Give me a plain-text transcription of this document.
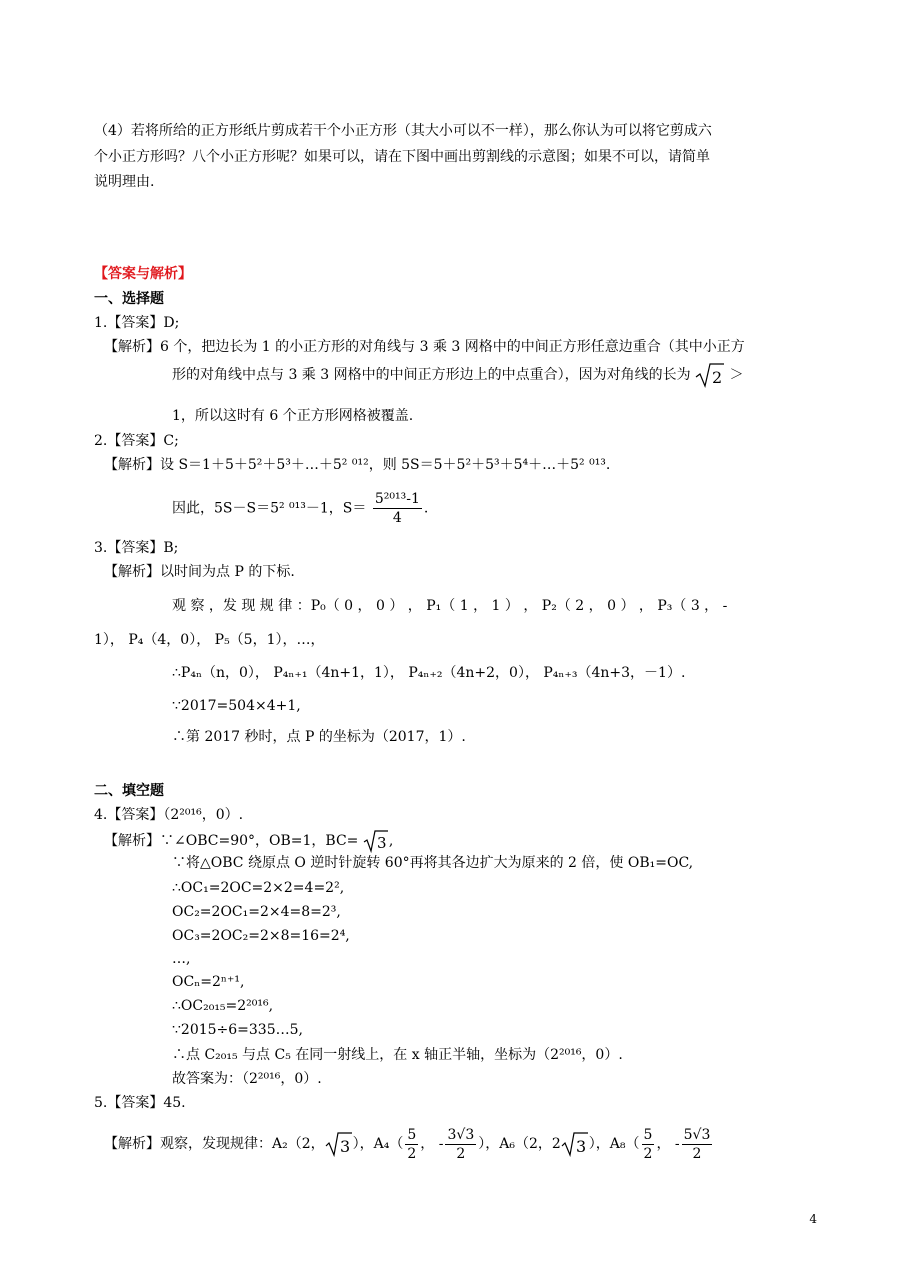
（4）若将所给的正方形纸片剪成若干个小正方形（其大小可以不一样），那么你认为可以将它剪成六
个小正方形吗？八个小正方形呢？如果可以，请在下图中画出剪割线的示意图；如果不可以，请简单
说明理由.
【答案与解析】
一、选择题
1.【答案】D;
【解析】6 个，把边长为 1 的小正方形的对角线与 3 乘 3 网格中的中间正方形任意边重合（其中小正方
形的对角线中点与 3 乘 3 网格中的中间正方形边上的中点重合），因为对角线的长为 2 ＞
1，所以这时有 6 个正方形网格被覆盖.
2.【答案】C;
【解析】设 S＝1＋5＋5²＋5³＋…＋5² ⁰¹²，则 5S＝5＋5²＋5³＋5⁴＋…＋5² ⁰¹³.
因此，5S－S＝5² ⁰¹³－1，$S= \frac{\text{5²⁰¹³-1}}{4}$ .
3.【答案】B;
【解析】以时间为点 P 的下标.
观 察 ，发 现 规 律 ：P₀（ 0 ， 0 ） ， P₁（ 1 ， 1 ） ， P₂（ 2 ， 0 ） ， P₃（ 3 ， -
1）， P₄（4，0）， P₅（5，1），…，
∴P₄ₙ（n，0）， P₄ₙ₊₁（4n+1，1）， P₄ₙ₊₂（4n+2，0）， P₄ₙ₊₃（4n+3，－1）.
∵2017=504×4+1,
∴第 2017 秒时，点 P 的坐标为（2017，1）.
二、填空题
4.【答案】（2²⁰¹⁶，0）.
【解析】∵∠OBC=90°，OB=1，BC= 3 ,
∵将△OBC 绕原点 O 逆时针旋转 60°再将其各边扩大为原来的 2 倍，使 OB₁=OC,
∴OC₁=2OC=2×2=4=2²,
OC₂=2OC₁=2×4=8=2³,
OC₃=2OC₂=2×8=16=2⁴,
…,
OCₙ=2ⁿ⁺¹,
∴OC₂₀₁₅=2²⁰¹⁶,
∵2015÷6=335…5,
∴点 C₂₀₁₅ 与点 C₅ 在同一射线上，在 x 轴正半轴，坐标为（2²⁰¹⁶，0）.
故答案为：（2²⁰¹⁶，0）.
5.【答案】45.
【解析】观察，发现规律：A₂（2， 3 ），$A_4( \frac{5}{2}$ ， - $\frac{3√3}{2}$ ），A₆（2，2 3 ），$A_8( \frac{5}{2}$ ， - $\frac{5√3}{2}$
4
